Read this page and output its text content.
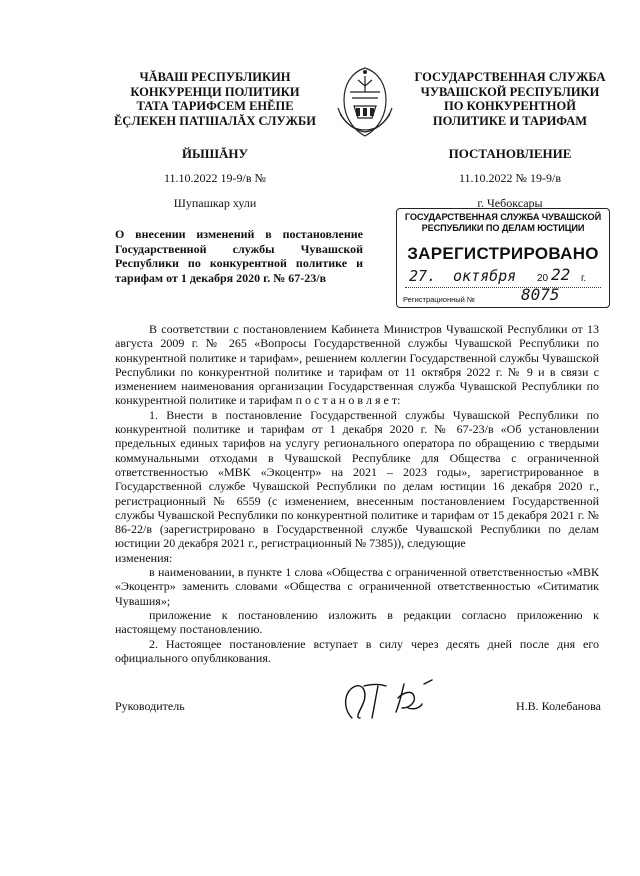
ЧĂВАШ РЕСПУБЛИКИН
КОНКУРЕНЦИ ПОЛИТИКИ
ТАТА ТАРИФСЕМ ЕНĔПЕ
ĔÇЛЕКЕН ПАТШАЛĂХ СЛУЖБИ
ГОСУДАРСТВЕННАЯ СЛУЖБА
ЧУВАШСКОЙ РЕСПУБЛИКИ
ПО КОНКУРЕНТНОЙ
ПОЛИТИКЕ И ТАРИФАМ
ЙЫШĂНУ	ПОСТАНОВЛЕНИЕ
11.10.2022 19-9/в №	11.10.2022 № 19-9/в
Шупашкар хули	г. Чебоксары
О внесении изменений в постановление Государственной службы Чувашской Республики по конкурентной политике и тарифам от 1 декабря 2020 г. № 67-23/в
ГОСУДАРСТВЕННАЯ СЛУЖБА ЧУВАШСКОЙ РЕСПУБЛИКИ ПО ДЕЛАМ ЮСТИЦИИ
ЗАРЕГИСТРИРОВАНО
27. октября 20 22 г.
Регистрационный №	8075

В соответствии с постановлением Кабинета Министров Чувашской Республики от 13 августа 2009 г. № 265 «Вопросы Государственной службы Чувашской Республики по конкурентной политике и тарифам», решением коллегии Государственной службы Чувашской Республики по конкурентной политике и тарифам от 11 октября 2022 г. № 9 и в связи с изменением наименования организации Государственная служба Чувашской Республики по конкурентной политике и тарифам п о с т а н о в л я е т:

1. Внести в постановление Государственной службы Чувашской Республики по конкурентной политике и тарифам от 1 декабря 2020 г. № 67-23/в «Об установлении предельных единых тарифов на услугу регионального оператора по обращению с твердыми коммунальными отходами в Чувашской Республике для Общества с ограниченной ответственностью «МВК «Экоцентр» на 2021 – 2023 годы», зарегистрированное в Государственной службе Чувашской Республики по делам юстиции 16 декабря 2020 г., регистрационный № 6559 (с изменением, внесенным постановлением Государственной службы Чувашской Республики по конкурентной политике и тарифам от 15 декабря 2021 г. № 86-22/в (зарегистрировано в Государственной службе Чувашской Республики по делам юстиции 20 декабря 2021 г., регистрационный № 7385)), следующие

изменения:

в наименовании, в пункте 1 слова «Общества с ограниченной ответственностью «МВК «Экоцентр» заменить словами «Общества с ограниченной ответственностью «Ситиматик Чувашия»;

приложение к постановлению изложить в редакции согласно приложению к настоящему постановлению.

2. Настоящее постановление вступает в силу через десять дней после дня его официального опубликования.

Руководитель	Н.В. Колебанова
